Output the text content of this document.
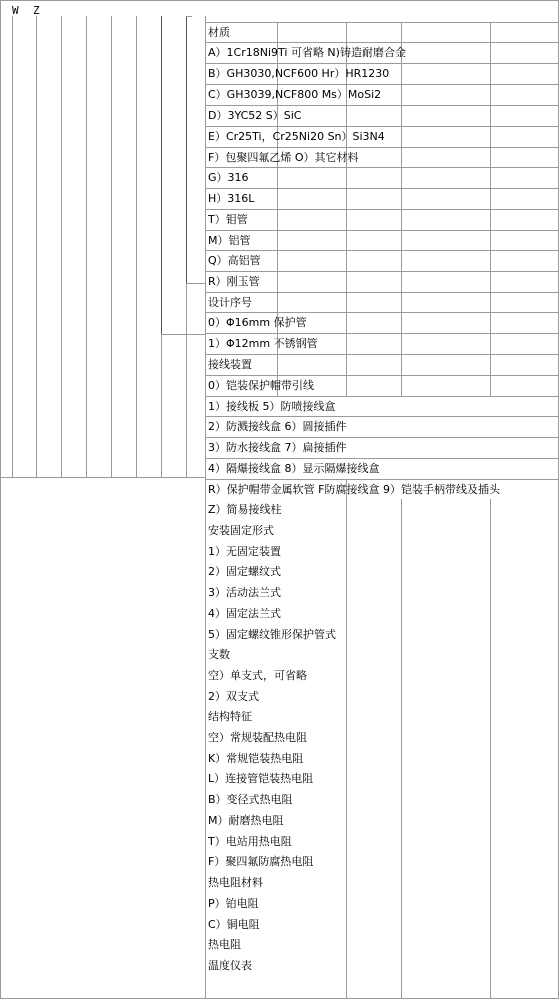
W Z
材质
A）1Cr18Ni9Ti 可省略 N)铸造耐磨合金
B）GH3030,NCF600 Hr）HR1230
C）GH3039,NCF800 Ms）MoSi2
D）3YC52 S）SiC
E）Cr25Ti，Cr25Ni20 Sn）Si3N4
F）包聚四氟乙烯 O）其它材料
G）316
H）316L
T）钼管
M）铝管
Q）高铝管
R）刚玉管
设计序号
0）Φ16mm 保护管
1）Φ12mm 不锈钢管
接线装置
0）铠装保护帽带引线
1）接线板 5）防喷接线盒
2）防溅接线盒 6）圆接插件
3）防水接线盒 7）扁接插件
4）隔爆接线盒 8）显示隔爆接线盒
R）保护帽带金属软管 F防腐接线盒 9）铠装手柄带线及插头
Z）简易接线柱
安装固定形式
1）无固定装置
2）固定螺纹式
3）活动法兰式
4）固定法兰式
5）固定螺纹锥形保护管式
支数
空）单支式，可省略
2）双支式
结构特征
空）常规装配热电阻
K）常规铠装热电阻
L）连接管铠装热电阻
B）变径式热电阻
M）耐磨热电阻
T）电站用热电阻
F）聚四氟防腐热电阻
热电阻材料
P）铂电阻
C）铜电阻
热电阻
温度仪表
